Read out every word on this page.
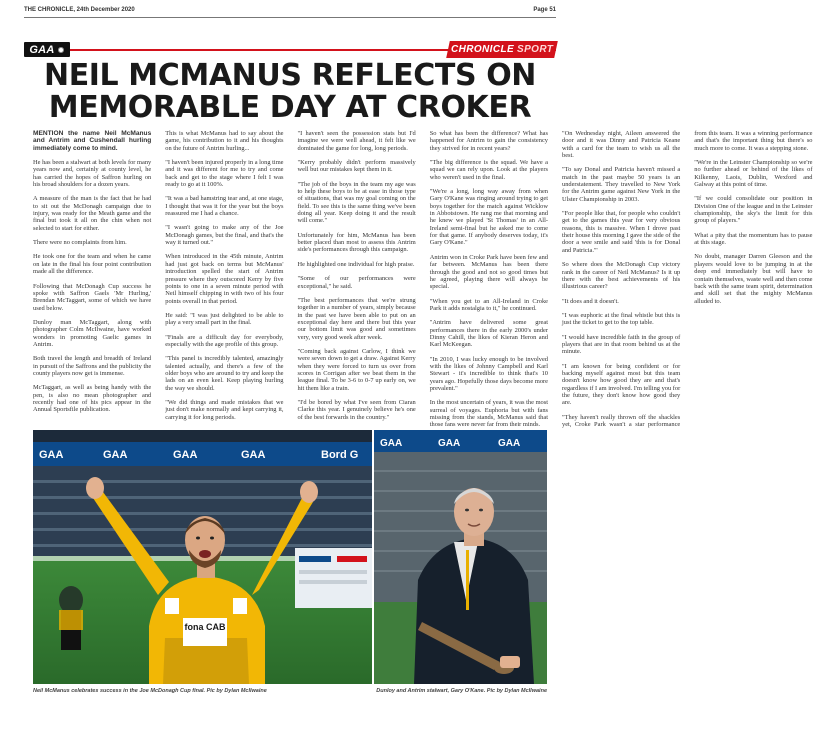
THE CHRONICLE, 24th December 2020	Page 51
GAA	CHRONICLE SPORT
NEIL MCMANUS REFLECTS ON
MEMORABLE DAY AT CROKER

MENTION the name Neil McManus and Antrim and Cushendall hurling immediately come to mind.

He has been a stalwart at both levels for many years now and, certainly at county level, he has carried the hopes of Saffron hurling on his broad shoulders for a dozen years.

A measure of the man is the fact that he had to sit out the McDonagh campaign due to injury, was ready for the Meath game and the final but took it all on the chin when not selected to start for either.

There were no complaints from him.

He took one for the team and when he came on late in the final his four point contribution made all the difference.

Following that McDonagh Cup success he spoke with Saffron Gaels 'Mr Hurling,' Brendan McTaggart, some of which we have used below.

Dunloy man McTaggart, along with photographer Colm McIlwaine, have worked wonders in promoting Gaelic games in Antrim.

Both travel the length and breadth of Ireland in pursuit of the Saffrons and the publicity the county players now get is immense.

McTaggart, as well as being handy with the pen, is also no mean photographer and recently had one of his pics appear in the Annual Sportsfile publication.

This is what McManus had to say about the game, his contribution to it and his thoughts on the future of Antrim hurling...

"I haven't been injured properly in a long time and it was different for me to try and come back and get to the stage where I felt I was ready to go at it 100%.

"It was a bad hamstring tear and, at one stage, I thought that was it for the year but the boys reassured me I had a chance.

"I wasn't going to make any of the Joe McDonagh games, but the final, and that's the way it turned out."

When introduced in the 45th minute, Antrim had just got back on terms but McManus' introduction spelled the start of Antrim pressure where they outscored Kerry by five points to one in a seven minute period with Neil himself chipping in with two of his four points overall in that period.

He said: "I was just delighted to be able to play a very small part in the final.

"Finals are a difficult day for everybody, especially with the age profile of this group.

"This panel is incredibly talented, amazingly talented actually, and there's a few of the older boys who are around to try and keep the lads on an even keel. Keep playing hurling the way we should.

"We did things and made mistakes that we just don't make normally and kept carrying it, carrying it for long periods.

"I haven't seen the possession stats but I'd imagine we were well ahead, it felt like we dominated the game for long, long periods.

"Kerry probably didn't perform massively well but our mistakes kept them in it.

"The job of the boys in the team my age was to help these boys to be at ease in those type of situations, that was my goal coming on the field. To see this is the same thing we've been doing all year. Keep doing it and the result will come."

Unfortunately for him, McManus has been better placed than most to assess this Antrim side's performances through this campaign.

He highlighted one individual for high praise.

"Some of our performances were exceptional," he said.

"The best performances that we're strung together in a number of years, simply because in the past we have been able to put on an exceptional day here and there but this year our bottom limit was good and sometimes very, very good week after week.

"Coming back against Carlow, I think we were seven down to get a draw. Against Kerry when they were forced to turn us over from scores in Corrigan after we beat them in the league final. To be 3-6 to 0-7 up early on, we hit them like a train.

"I'd be bored by what I've seen from Ciaran Clarke this year. I genuinely believe he's one of the best forwards in the country."

So what has been the difference? What has happened for Antrim to gain the consistency they strived for in recent years?

"The big difference is the squad. We have a squad we can rely upon. Look at the players who weren't used in the final.

"We're a long, long way away from when Gary O'Kane was ringing around trying to get boys together for the match against Wicklow in Abbotstown. He rang me that morning and he knew we played 'St Thomas' in an All-Ireland semi-final but he asked me to come for that game. If anybody deserves today, it's Gary O'Kane."

Antrim won in Croke Park have been few and far between. McManus has been there through the good and not so good times but he agreed, playing there will always be special.

"When you get to an All-Ireland in Croke Park it adds nostalgia to it," he continued.

"Antrim have delivered some great performances there in the early 2000's under Dinny Cahill, the likes of Kieran Heron and Karl McKeegan.

"In 2010, I was lucky enough to be involved with the likes of Johnny Campbell and Karl Stewart - it's incredible to think that's 10 years ago. Hopefully those days become more prevalent."

In the most uncertain of years, it was the most surreal of voyages. Euphoria but with fans missing from the stands, McManus said that those fans were never far from their minds.

"On Wednesday night, Aileen answered the door and it was Dinny and Patricia Keane with a card for the team to wish us all the best.

"To say Donal and Patricia haven't missed a match in the past maybe 50 years is an understatement. They travelled to New York for the Antrim game against New York in the Ulster Championship in 2003.

"For people like that, for people who couldn't get to the games this year for very obvious reasons, this is massive. When I drove past their house this morning I gave the side of the door a wee smile and said 'this is for Donal and Patricia.'"

So where does the McDonagh Cup victory rank in the career of Neil McManus? Is it up there with the best achievements of his illustrious career?

"It does and it doesn't.

"I was euphoric at the final whistle but this is just the ticket to get to the top table.

"I would have incredible faith in the group of players that are in that room behind us at the minute.

"I am known for being confident or for backing myself against most but this team doesn't know how good they are and that's regardless if I am involved. I'm telling you for the future, they don't know how good they are.

"They haven't really thrown off the shackles yet, Croke Park wasn't a star performance from this team. It was a winning performance and that's the important thing but there's so much more to come. It was a stepping stone.

"We're in the Leinster Championship so we're no further ahead or behind of the likes of Kilkenny, Laois, Dublin, Wexford and Galway at this point of time.

"If we could consolidate our position in Division One of the league and in the Leinster championship, the sky's the limit for this group of players."

What a pity that the momentum has to pause at this stage.

No doubt, manager Darren Gleeson and the players would love to be jumping in at the deep end immediately but will have to contain themselves, waste well and then come back with the same team spirit, determination and skill set that the mighty McManus alluded to.

GAA	GAA	GAA	GAA	Bord G
fona CAB
GAA	GAA	GAA
Neil McManus celebrates success in the Joe McDonagh Cup final. Pic by Dylan McIlwaine	Dunloy and Antrim stalwart, Gary O'Kane. Pic by Dylan McIlwaine
